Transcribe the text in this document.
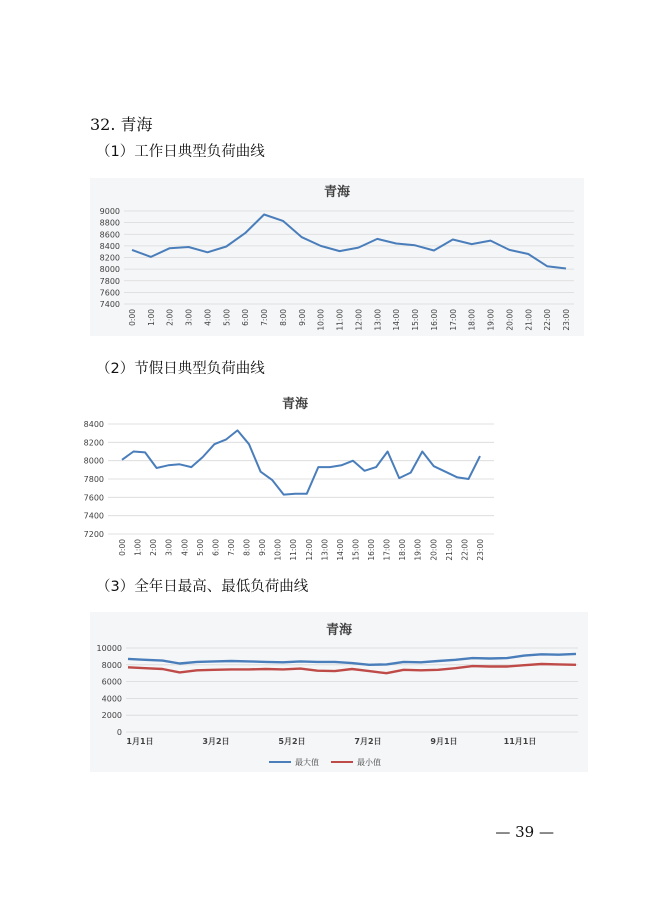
32. 青海
（1）工作日典型负荷曲线
青海
7400
7600
7800
8000
8200
8400
8600
8800
9000
0:00 1:00 2:00 3:00 4:00 5:00 6:00 7:00 8:00 9:00 10:00 11:00 12:00 13:00 14:00 15:00 16:00 17:00 18:00 19:00 20:00 21:00 22:00 23:00
（2）节假日典型负荷曲线
青海
7200
7400
7600
7800
8000
8200
8400
0:00 1:00 2:00 3:00 4:00 5:00 6:00 7:00 8:00 9:00 10:00 11:00 12:00 13:00 14:00 15:00 16:00 17:00 18:00 19:00 20:00 21:00 22:00 23:00
（3）全年日最高、最低负荷曲线
青海
0
2000
4000
6000
8000
10000
1月1日	3月2日	5月2日	7月2日	9月1日	11月1日
最大值	最小值
— 39 —
